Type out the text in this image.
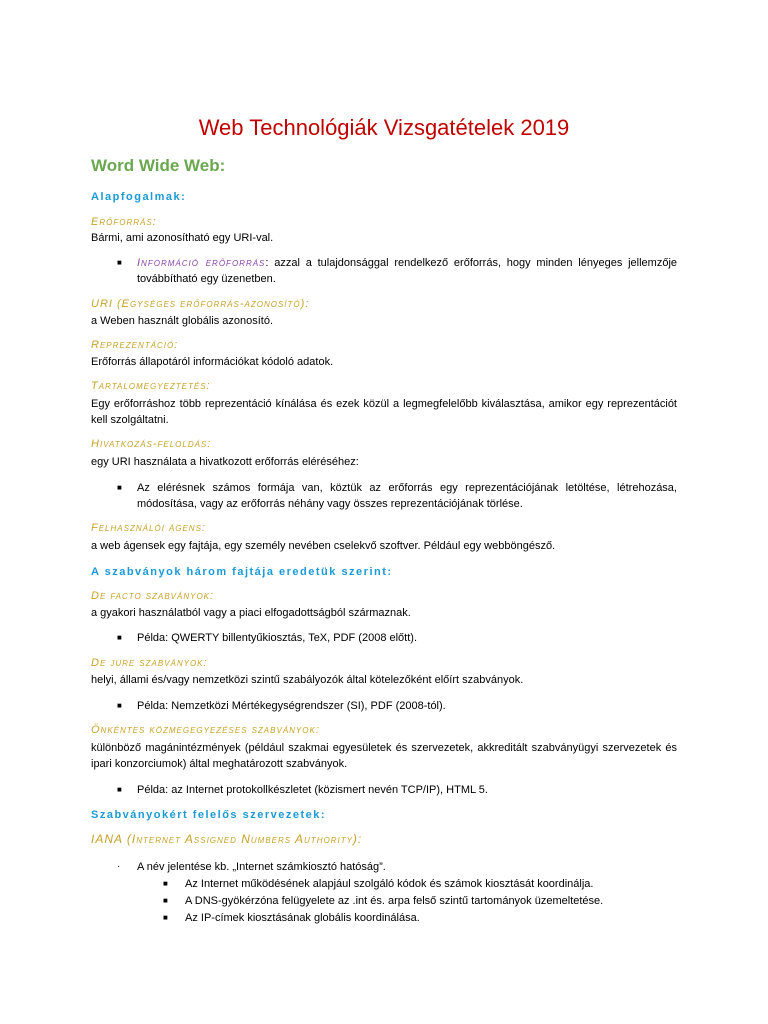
Web Technológiák Vizsgatételek 2019
Word Wide Web:
Alapfogalmak:
Erőforrás:
Bármi, ami azonosítható egy URI-val.
■ Információ erőforrás: azzal a tulajdonsággal rendelkező erőforrás, hogy minden lényeges jellemzője továbbítható egy üzenetben.
URI (Egységes erőforrás-azonosító):
a Weben használt globális azonosító.
Reprezentáció:
Erőforrás állapotáról információkat kódoló adatok.
Tartalomegyeztetés:
Egy erőforráshoz több reprezentáció kínálása és ezek közül a legmegfelelőbb kiválasztása, amikor egy reprezentációt kell szolgáltatni.
Hivatkozás-feloldás:
egy URI használata a hivatkozott erőforrás eléréséhez:
■ Az elérésnek számos formája van, köztük az erőforrás egy reprezentációjának letöltése, létrehozása, módosítása, vagy az erőforrás néhány vagy összes reprezentációjának törlése.
Felhasználói ágens:
a web ágensek egy fajtája, egy személy nevében cselekvő szoftver. Például egy webböngésző.
A szabványok három fajtája eredetük szerint:
De facto szabványok:
a gyakori használatból vagy a piaci elfogadottságból származnak.
■ Példa: QWERTY billentyűkiosztás, TeX, PDF (2008 előtt).
De jure szabványok:
helyi, állami és/vagy nemzetközi szintű szabályozók által kötelezőként előírt szabványok.
■ Példa: Nemzetközi Mértékegységrendszer (SI), PDF (2008-tól).
Önkéntes közmegegyezéses szabványok:
különböző magánintézmények (például szakmai egyesületek és szervezetek, akkreditált szabványügyi szervezetek és ipari konzorciumok) által meghatározott szabványok.
■ Példa: az Internet protokollkészletet (közismert nevén TCP/IP), HTML 5.
Szabványokért felelős szervezetek:
IANA (Internet Assigned Numbers Authority):
· A név jelentése kb. „Internet számkiosztó hatóság”.
■ Az Internet működésének alapjául szolgáló kódok és számok kiosztását koordinálja.
■ A DNS-gyökérzóna felügyelete az .int és. arpa felső szintű tartományok üzemeltetése.
■ Az IP-címek kiosztásának globális koordinálása.
